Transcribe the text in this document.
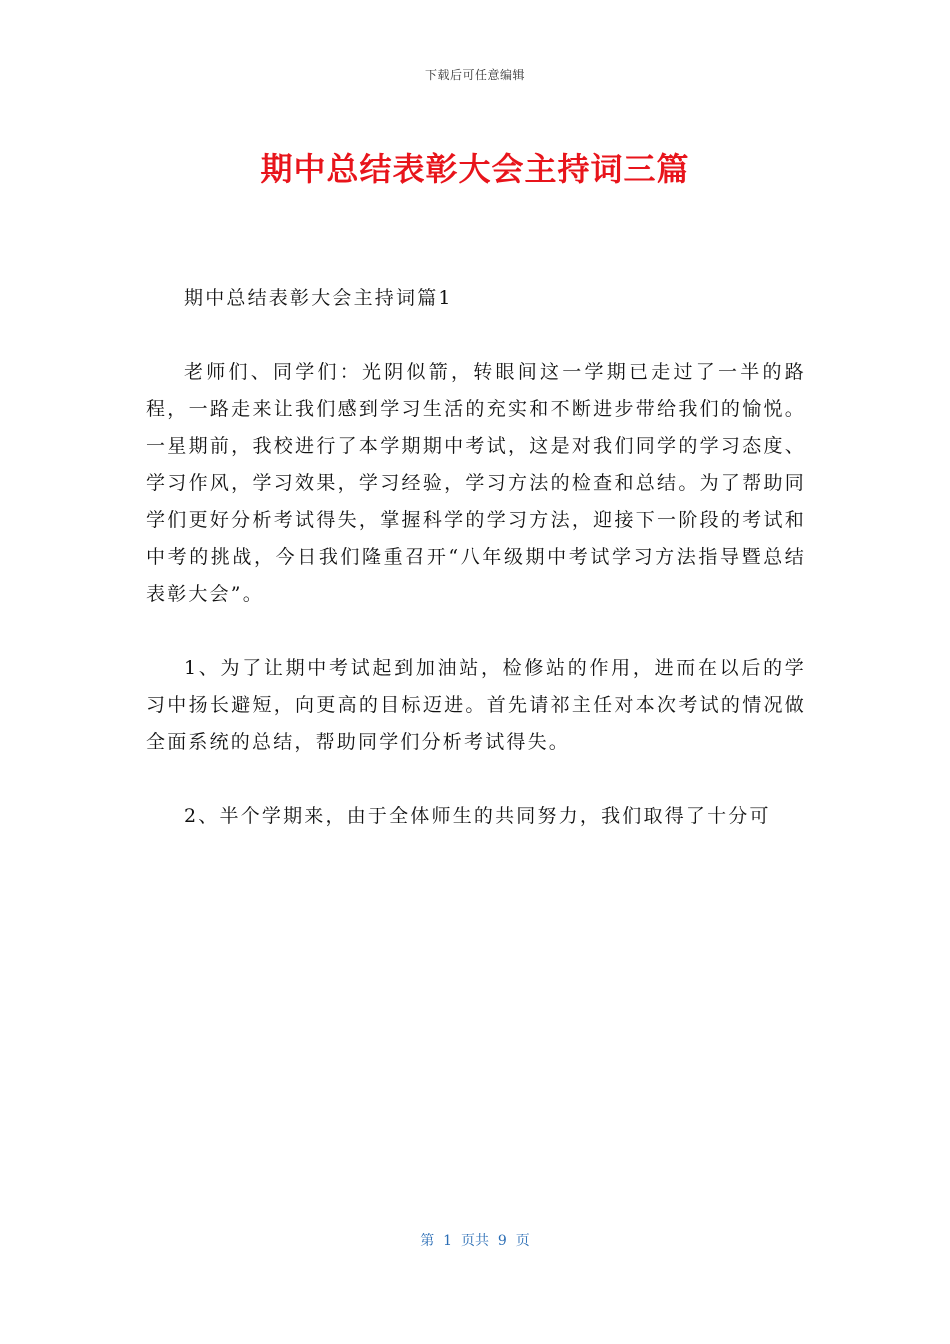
下载后可任意编辑
期中总结表彰大会主持词三篇

期中总结表彰大会主持词篇1

老师们、同学们：光阴似箭，转眼间这一学期已走过了一半的路程，一路走来让我们感到学习生活的充实和不断进步带给我们的愉悦。一星期前，我校进行了本学期期中考试，这是对我们同学的学习态度、学习作风，学习效果，学习经验，学习方法的检查和总结。为了帮助同学们更好分析考试得失，掌握科学的学习方法，迎接下一阶段的考试和中考的挑战，今日我们隆重召开“八年级期中考试学习方法指导暨总结表彰大会”。

1、为了让期中考试起到加油站，检修站的作用，进而在以后的学习中扬长避短，向更高的目标迈进。首先请祁主任对本次考试的情况做全面系统的总结，帮助同学们分析考试得失。

2、半个学期来，由于全体师生的共同努力，我们取得了十分可

第  1  页共  9  页
